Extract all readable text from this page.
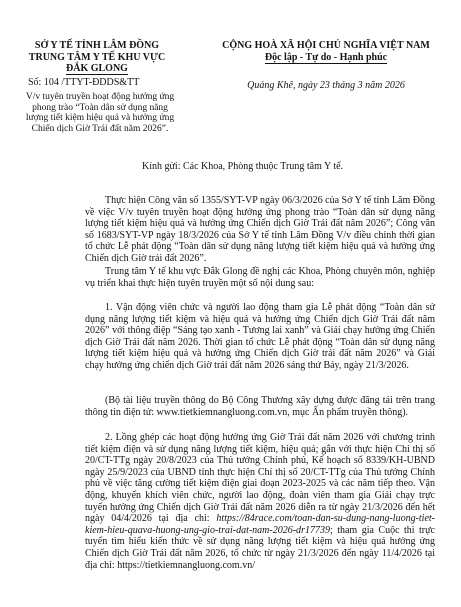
SỞ Y TẾ TỈNH LÂM ĐỒNG
TRUNG TÂM Y TẾ KHU VỰC
ĐẮK GLONG
Số: 104 /TTYT-ĐDDS&TT
V/v tuyên truyền hoạt động hưởng ứng phong trào “Toàn dân sử dụng năng lượng tiết kiệm hiệu quả và hưởng ứng Chiến dịch Giờ Trái đất năm 2026”.
CỘNG HOÀ XÃ HỘI CHỦ NGHĨA VIỆT NAM
Độc lập - Tự do - Hạnh phúc
Quảng Khê, ngày 23 tháng 3 năm 2026
Kính gửi: Các Khoa, Phòng thuộc Trung tâm Y tế.

Thực hiện Công văn số 1355/SYT-VP ngày 06/3/2026 của Sở Y tế tỉnh Lâm Đồng về việc V/v tuyên truyền hoạt động hưởng ứng phong trào “Toàn dân sử dụng năng lượng tiết kiệm hiệu quả và hưởng ứng Chiến dịch Giờ Trái đất năm 2026”; Công văn số 1683/SYT-VP ngày 18/3/2026 của Sở Y tế tỉnh Lâm Đồng V/v điều chỉnh thời gian tổ chức Lễ phát động “Toàn dân sử dụng năng lượng tiết kiệm hiệu quả và hưởng ứng Chiến dịch Giờ trái đất 2026”.

Trung tâm Y tế khu vực Đắk Glong đề nghị các Khoa, Phòng chuyên môn, nghiệp vụ triển khai thực hiện tuyên truyền một số nội dung sau:

1. Vận động viên chức và người lao động tham gia Lễ phát động “Toàn dân sử dụng năng lượng tiết kiệm và hiệu quả và hưởng ứng Chiến dịch Giờ Trái đất năm 2026” với thông điệp “Sáng tạo xanh - Tương lai xanh” và Giải chạy hưởng ứng Chiến dịch Giờ Trái đất năm 2026. Thời gian tổ chức Lễ phát động “Toàn dân sử dụng năng lượng tiết kiệm hiệu quả và hưởng ứng Chiến dịch Giờ trái đất năm 2026” và Giải chạy hưởng ứng chiến dịch Giờ trái đất năm 2026 sáng thứ Bảy, ngày 21/3/2026.

(Bộ tài liệu truyền thông do Bộ Công Thương xây dựng được đăng tải trên trang thông tin điện tử: www.tietkiemnangluong.com.vn, mục Ấn phẩm truyền thông).

2. Lồng ghép các hoạt động hưởng ứng Giờ Trái đất năm 2026 với chương trình tiết kiệm điện và sử dụng năng lượng tiết kiệm, hiệu quả; gắn với thực hiện Chỉ thị số 20/CT-TTg ngày 20/8/2023 của Thủ tướng Chính phủ, Kế hoạch số 8339/KH-UBND ngày 25/9/2023 của UBND tỉnh thực hiện Chỉ thị số 20/CT-TTg của Thủ tướng Chính phủ về việc tăng cường tiết kiệm điện giai đoạn 2023-2025 và các năm tiếp theo. Vận động, khuyến khích viên chức, người lao động, đoàn viên tham gia Giải chạy trực tuyến hưởng ứng Chiến dịch Giờ Trái đất năm 2026 diễn ra từ ngày 21/3/2026 đến hết ngày 04/4/2026 tại địa chỉ: https://84race.com/toan-dan-su-dung-nang-luong-tiet-kiem-hieu-quava-huong-ung-gio-trai-dat-nam-2026-dr17739; tham gia Cuộc thi trực tuyến tìm hiểu kiến thức về sử dụng năng lượng tiết kiệm và hiệu quả hưởng ứng Chiến dịch Giờ Trái đất năm 2026, tổ chức từ ngày 21/3/2026 đến ngày 11/4/2026 tại địa chỉ: https://tietkiemnangluong.com.vn/
